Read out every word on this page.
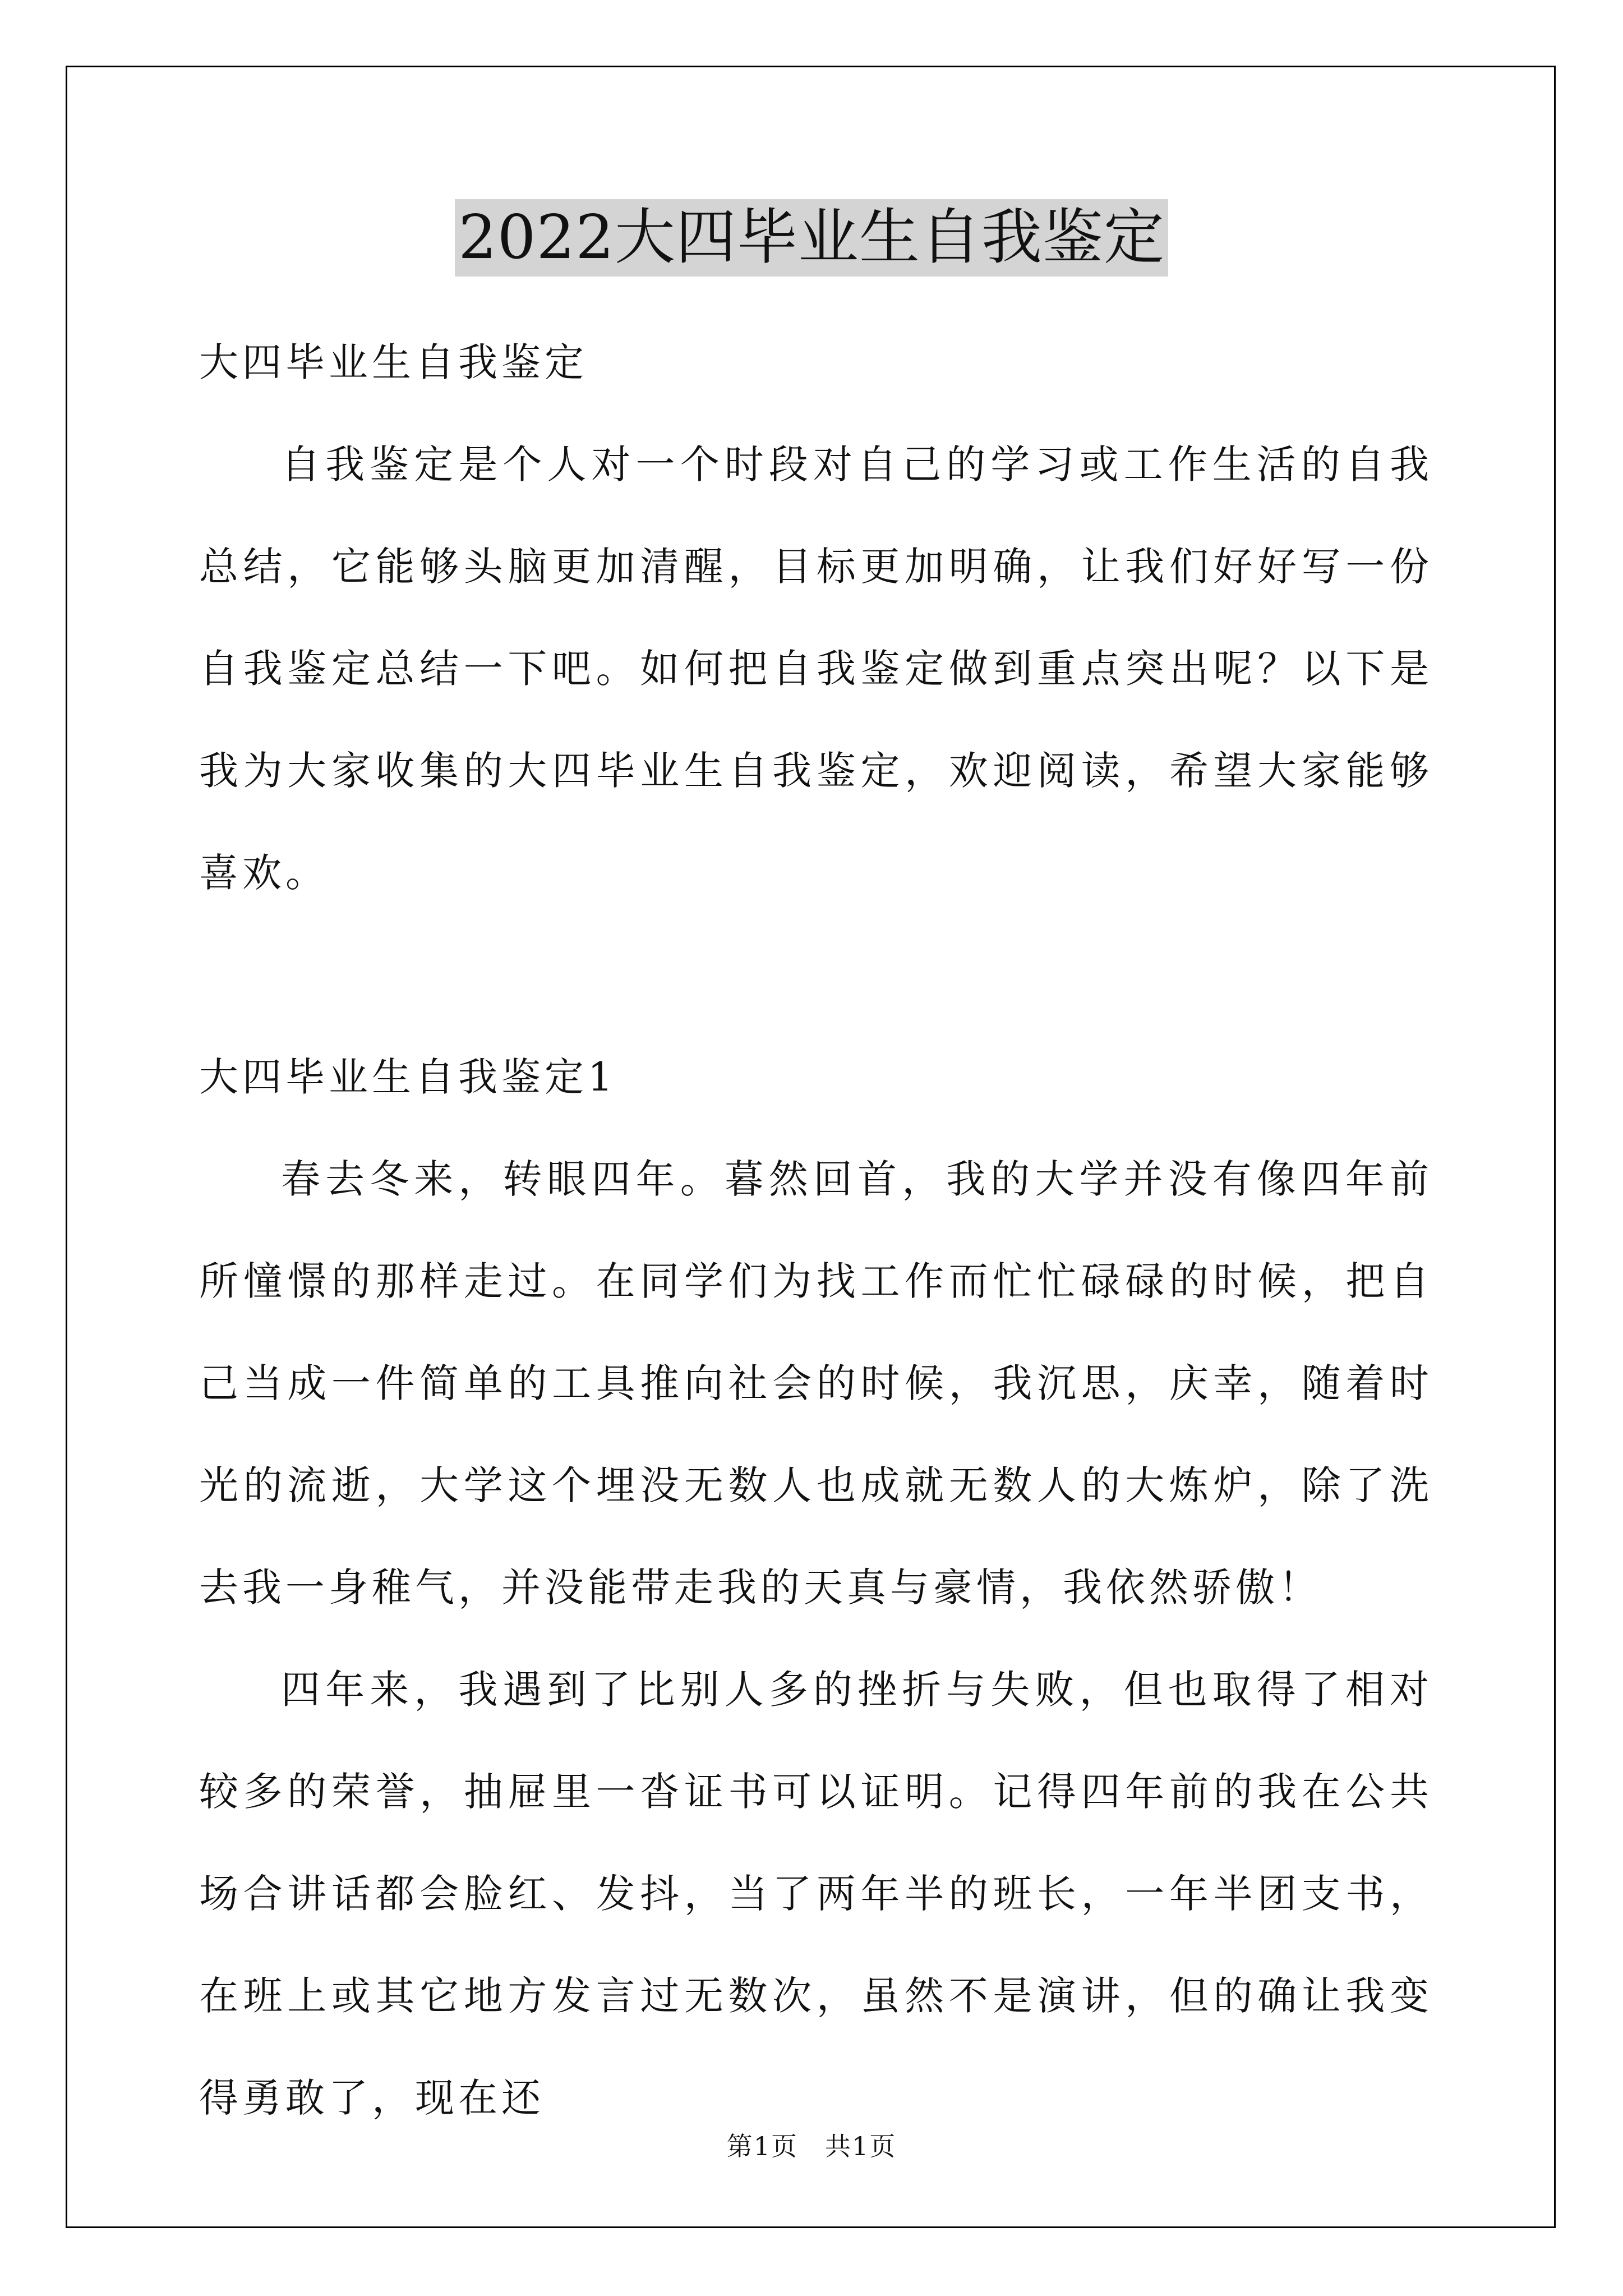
2022大四毕业生自我鉴定
大四毕业生自我鉴定

自我鉴定是个人对一个时段对自己的学习或工作生活的自我总结，它能够头脑更加清醒，目标更加明确，让我们好好写一份自我鉴定总结一下吧。如何把自我鉴定做到重点突出呢？以下是我为大家收集的大四毕业生自我鉴定，欢迎阅读，希望大家能够喜欢。

大四毕业生自我鉴定1

春去冬来，转眼四年。暮然回首，我的大学并没有像四年前所憧憬的那样走过。在同学们为找工作而忙忙碌碌的时候，把自己当成一件简单的工具推向社会的时候，我沉思，庆幸，随着时光的流逝，大学这个埋没无数人也成就无数人的大炼炉，除了洗去我一身稚气，并没能带走我的天真与豪情，我依然骄傲！

四年来，我遇到了比别人多的挫折与失败，但也取得了相对较多的荣誉，抽屉里一沓证书可以证明。记得四年前的我在公共场合讲话都会脸红、发抖，当了两年半的班长，一年半团支书，在班上或其它地方发言过无数次，虽然不是演讲，但的确让我变得勇敢了，现在还

第1页　共1页
